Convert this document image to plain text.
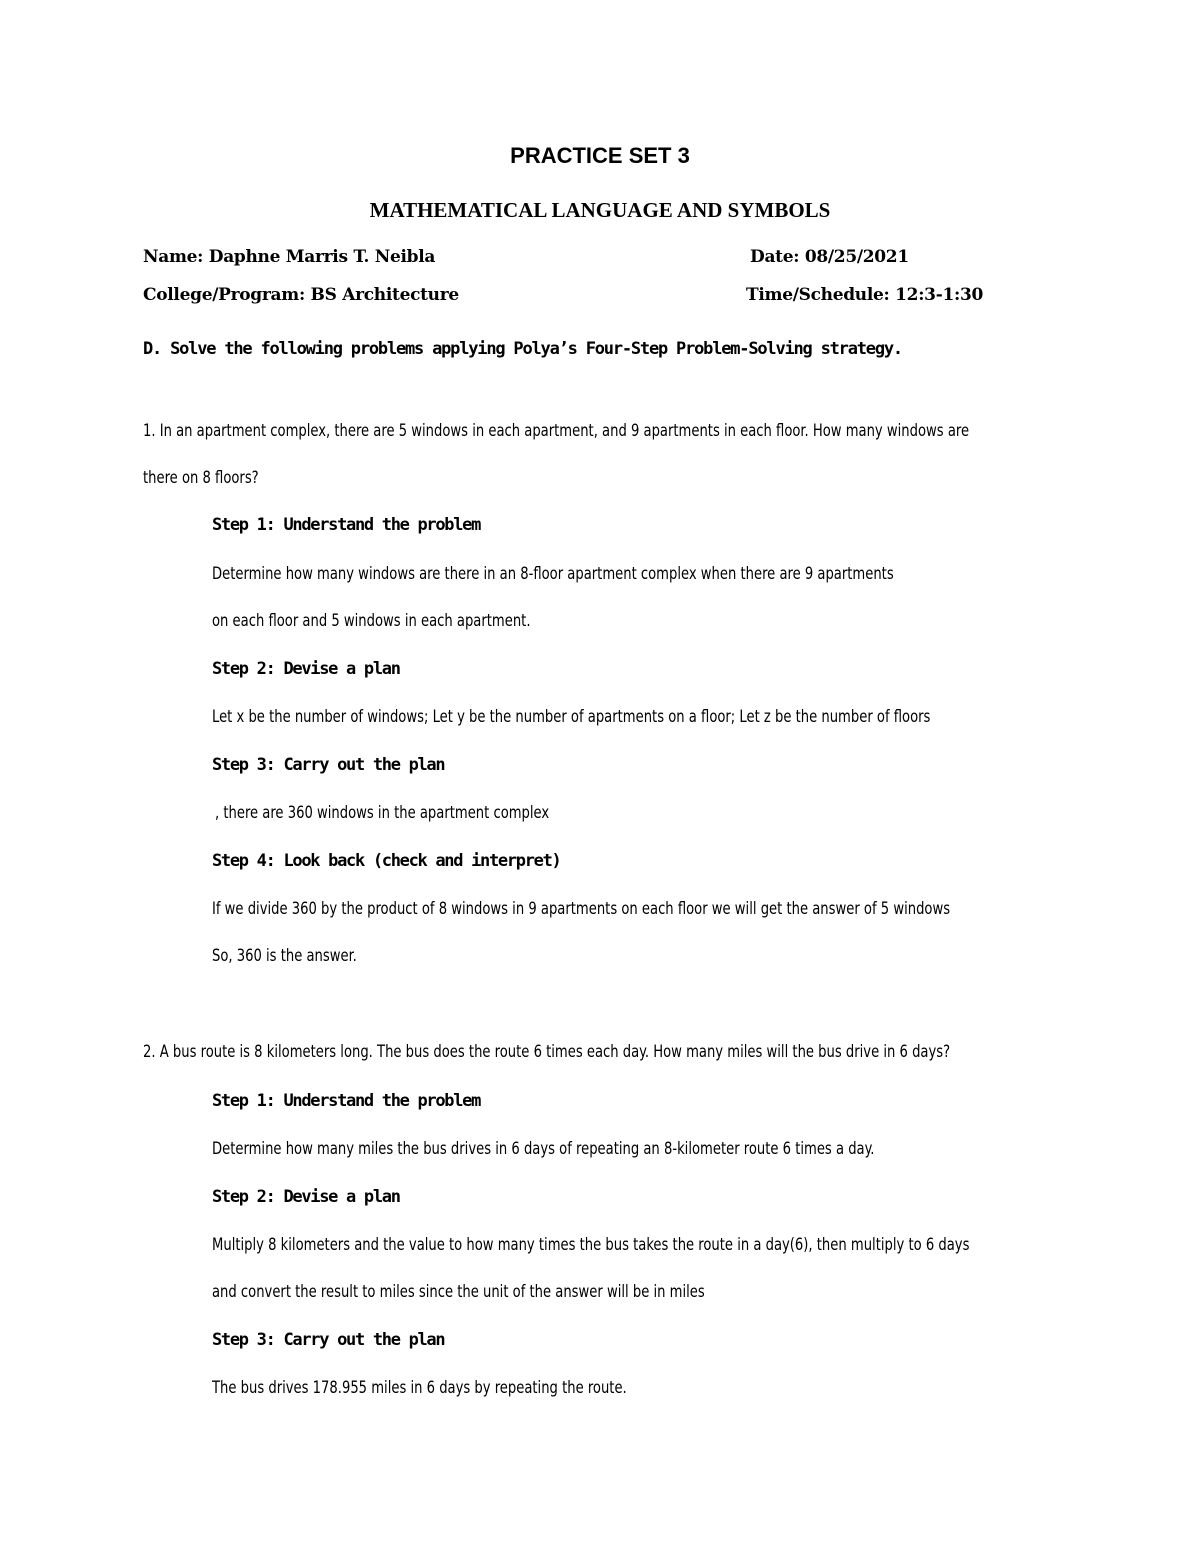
PRACTICE SET 3
MATHEMATICAL LANGUAGE AND SYMBOLS
Name: Daphne Marris T. Neibla	Date: 08/25/2021
College/Program: BS Architecture	Time/Schedule: 12:3-1:30
D. Solve the following problems applying Polya’s Four-Step Problem-Solving strategy.
1. In an apartment complex, there are 5 windows in each apartment, and 9 apartments in each floor. How many windows are
there on 8 floors?
Step 1: Understand the problem
Determine how many windows are there in an 8-floor apartment complex when there are 9 apartments
on each floor and 5 windows in each apartment.
Step 2: Devise a plan
Let x be the number of windows; Let y be the number of apartments on a floor; Let z be the number of floors
Step 3: Carry out the plan
, there are 360 windows in the apartment complex
Step 4: Look back (check and interpret)
If we divide 360 by the product of 8 windows in 9 apartments on each floor we will get the answer of 5 windows
So, 360 is the answer.
2. A bus route is 8 kilometers long. The bus does the route 6 times each day. How many miles will the bus drive in 6 days?
Step 1: Understand the problem
Determine how many miles the bus drives in 6 days of repeating an 8-kilometer route 6 times a day.
Step 2: Devise a plan
Multiply 8 kilometers and the value to how many times the bus takes the route in a day(6), then multiply to 6 days
and convert the result to miles since the unit of the answer will be in miles
Step 3: Carry out the plan
The bus drives 178.955 miles in 6 days by repeating the route.
